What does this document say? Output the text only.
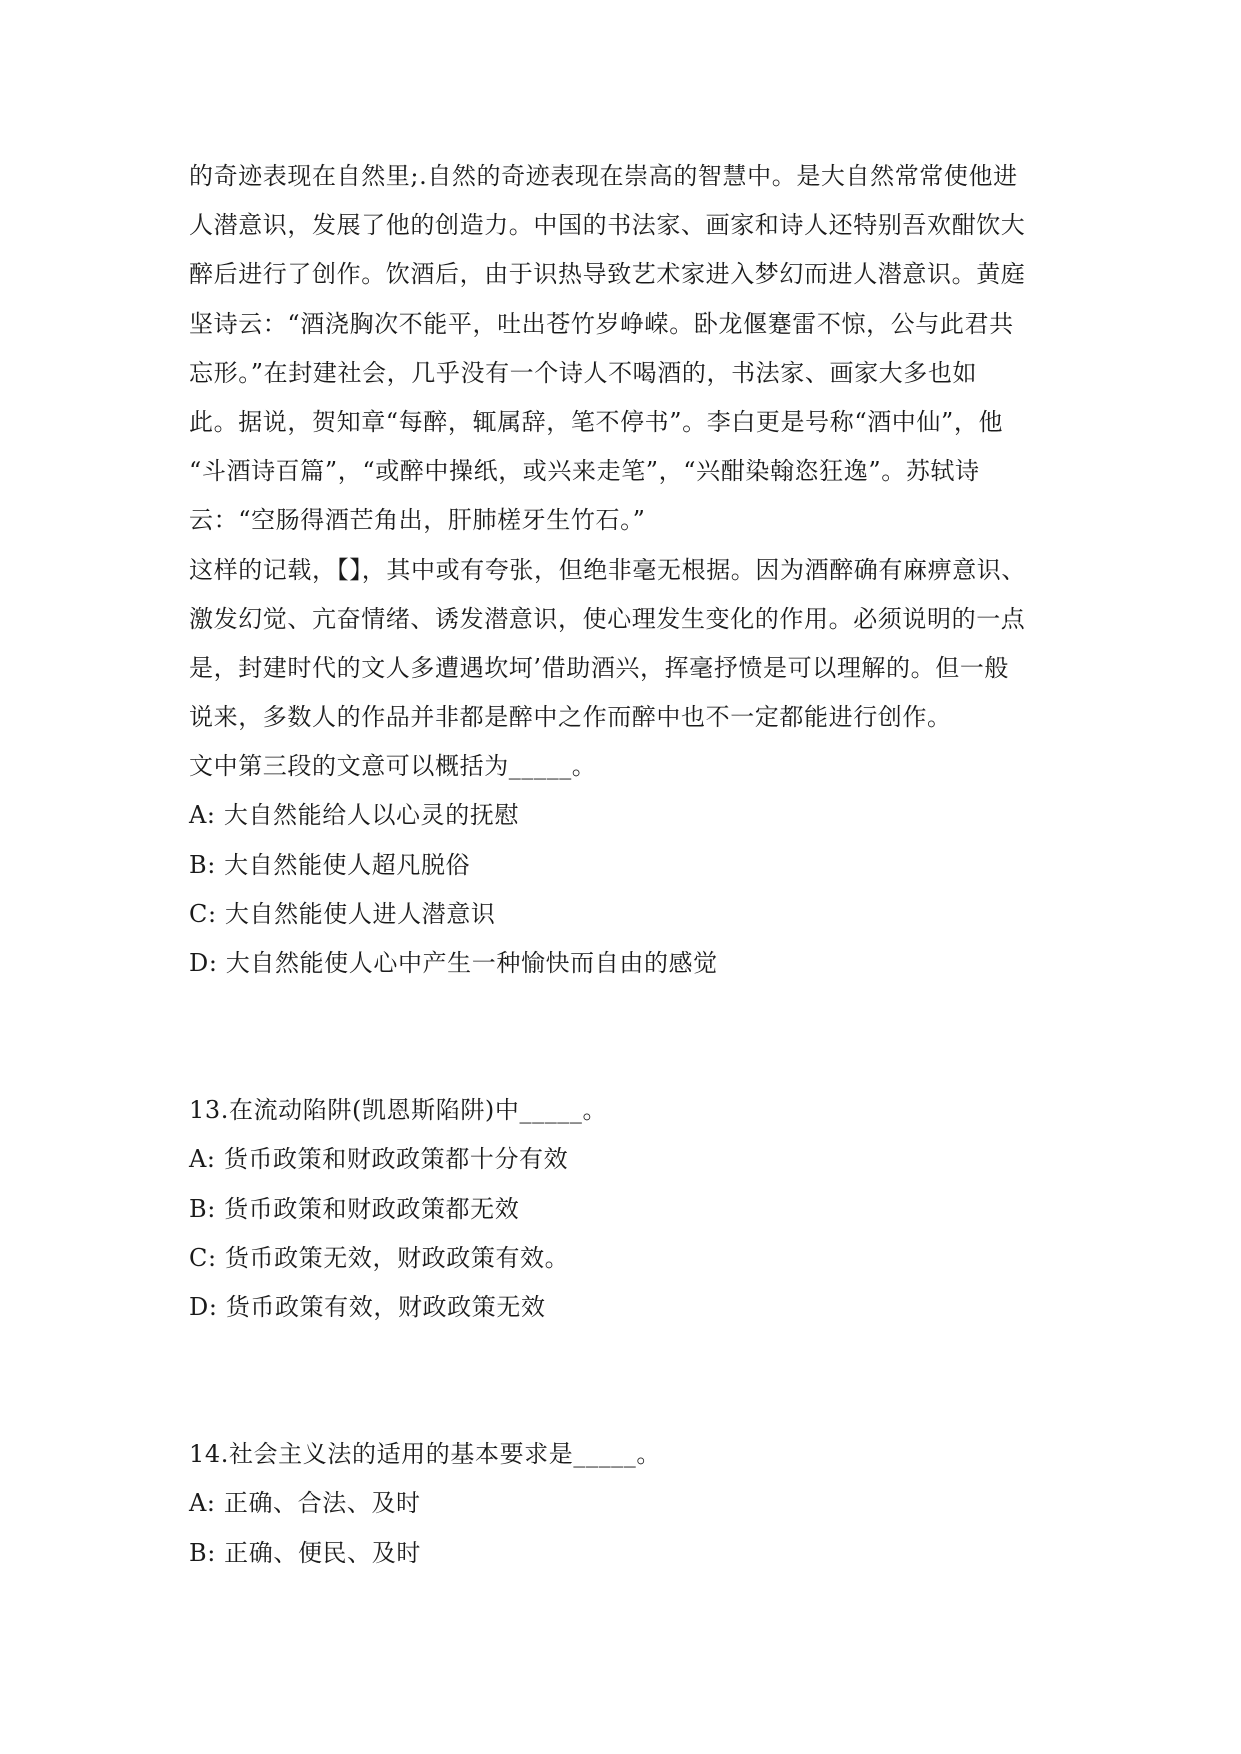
的奇迹表现在自然里;.自然的奇迹表现在崇高的智慧中。是大自然常常使他进
人潜意识，发展了他的创造力。中国的书法家、画家和诗人还特别吾欢酣饮大
醉后进行了创作。饮酒后，由于识热导致艺术家进入梦幻而进人潜意识。黄庭
坚诗云：“酒浇胸次不能平，吐出苍竹岁峥嵘。卧龙偃蹇雷不惊，公与此君共
忘形。”在封建社会，几乎没有一个诗人不喝酒的，书法家、画家大多也如
此。据说，贺知章“每醉，辄属辞，笔不停书”。李白更是号称“酒中仙”，他
“斗酒诗百篇”，“或醉中操纸，或兴来走笔”，“兴酣染翰恣狂逸”。苏轼诗
云：“空肠得酒芒角出，肝肺槎牙生竹石。”
这样的记载，【】，其中或有夸张，但绝非毫无根据。因为酒醉确有麻痹意识、
激发幻觉、亢奋情绪、诱发潜意识，使心理发生变化的作用。必须说明的一点
是，封建时代的文人多遭遇坎坷’借助酒兴，挥毫抒愤是可以理解的。但一般
说来，多数人的作品并非都是醉中之作而醉中也不一定都能进行创作。
文中第三段的文意可以概括为_____。
A: 大自然能给人以心灵的抚慰
B: 大自然能使人超凡脱俗
C: 大自然能使人进人潜意识
D: 大自然能使人心中产生一种愉快而自由的感觉
13.在流动陷阱(凯恩斯陷阱)中_____。
A: 货币政策和财政政策都十分有效
B: 货币政策和财政政策都无效
C: 货币政策无效，财政政策有效。
D: 货币政策有效，财政政策无效
14.社会主义法的适用的基本要求是_____。
A: 正确、合法、及时
B: 正确、便民、及时
